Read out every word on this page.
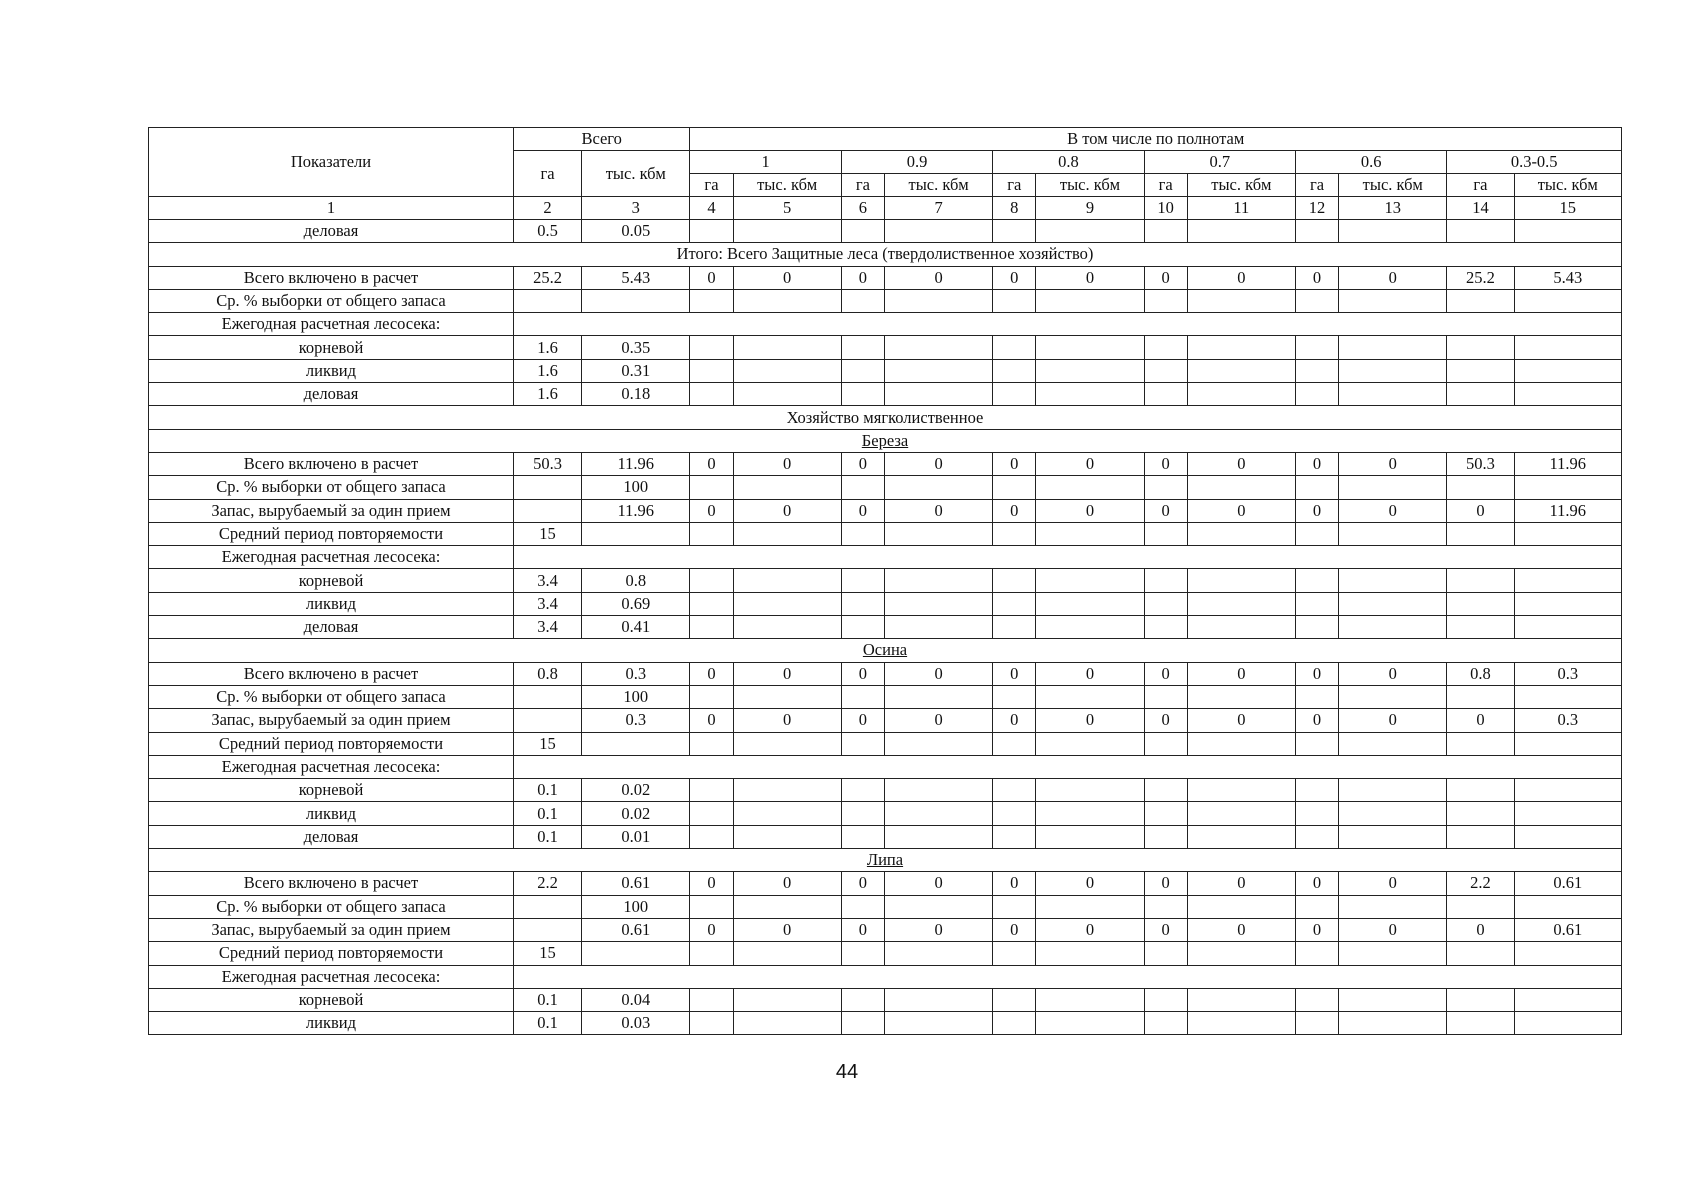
Показатели	Всего		В том числе по полнотам											
	га	тыс. кбм	1		0.9		0.8		0.7		0.6		0.3-0.5	
			га	тыс. кбм	га	тыс. кбм	га	тыс. кбм	га	тыс. кбм	га	тыс. кбм	га	тыс. кбм
1	2	3	4	5	6	7	8	9	10	11	12	13	14	15
деловая	0.5	0.05												
Итого: Всего Защитные леса (твердолиственное хозяйство)														
Всего включено в расчет	25.2	5.43	0	0	0	0	0	0	0	0	0	0	25.2	5.43
Ср. % выборки от общего запаса														
Ежегодная расчетная лесосека:														
корневой	1.6	0.35												
ликвид	1.6	0.31												
деловая	1.6	0.18												
Хозяйство мягколиственное														
Береза														
Всего включено в расчет	50.3	11.96	0	0	0	0	0	0	0	0	0	0	50.3	11.96
Ср. % выборки от общего запаса		100												
Запас, вырубаемый за один прием		11.96	0	0	0	0	0	0	0	0	0	0	0	11.96
Средний период повторяемости	15													
Ежегодная расчетная лесосека:														
корневой	3.4	0.8												
ликвид	3.4	0.69												
деловая	3.4	0.41												
Осина														
Всего включено в расчет	0.8	0.3	0	0	0	0	0	0	0	0	0	0	0.8	0.3
Ср. % выборки от общего запаса		100												
Запас, вырубаемый за один прием		0.3	0	0	0	0	0	0	0	0	0	0	0	0.3
Средний период повторяемости	15													
Ежегодная расчетная лесосека:														
корневой	0.1	0.02												
ликвид	0.1	0.02												
деловая	0.1	0.01												
Липа														
Всего включено в расчет	2.2	0.61	0	0	0	0	0	0	0	0	0	0	2.2	0.61
Ср. % выборки от общего запаса		100												
Запас, вырубаемый за один прием		0.61	0	0	0	0	0	0	0	0	0	0	0	0.61
Средний период повторяемости	15													
Ежегодная расчетная лесосека:														
корневой	0.1	0.04												
ликвид	0.1	0.03												
44
